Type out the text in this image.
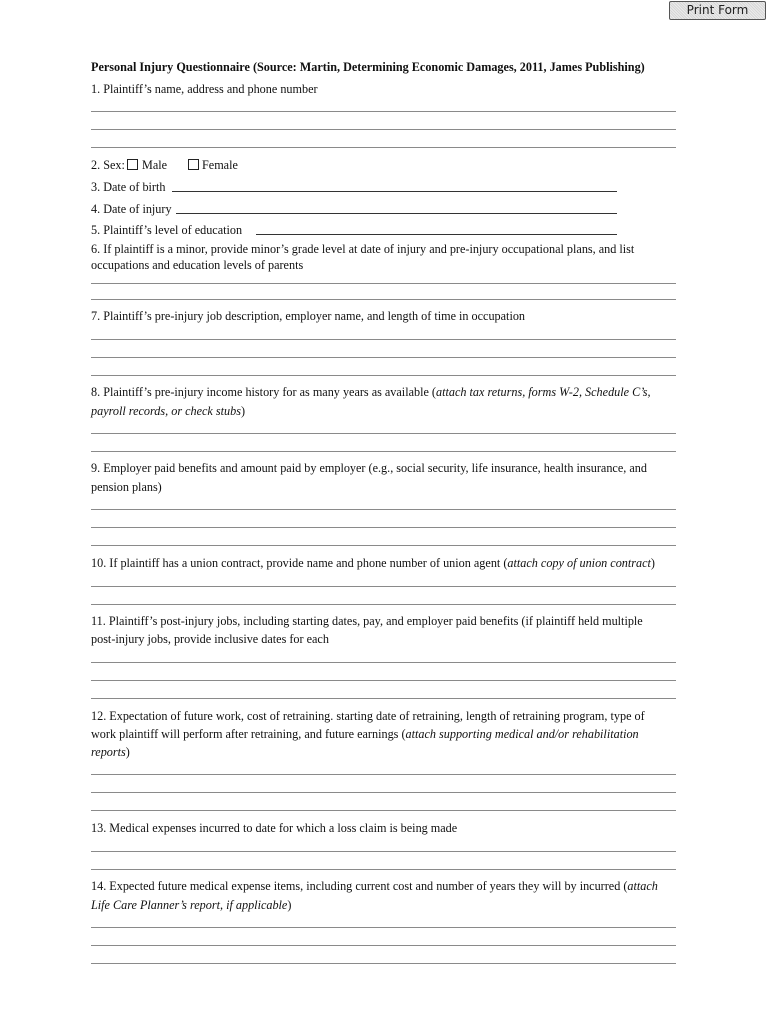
Print Form
Personal Injury Questionnaire (Source: Martin, Determining Economic Damages, 2011, James Publishing)
1. Plaintiff’s name, address and phone number
2. Sex: Male	Female
3. Date of birth
4. Date of injury
5. Plaintiff’s level of education
6. If plaintiff is a minor, provide minor’s grade level at date of injury and pre-injury occupational plans, and list
occupations and education levels of parents
7. Plaintiff’s pre-injury job description, employer name, and length of time in occupation
8. Plaintiff’s pre-injury income history for as many years as available (attach tax returns, forms W-2, Schedule C’s,
payroll records, or check stubs)
9. Employer paid benefits and amount paid by employer (e.g., social security, life insurance, health insurance, and
pension plans)
10. If plaintiff has a union contract, provide name and phone number of union agent (attach copy of union contract)
11. Plaintiff’s post-injury jobs, including starting dates, pay, and employer paid benefits (if plaintiff held multiple
post-injury jobs, provide inclusive dates for each
12. Expectation of future work, cost of retraining. starting date of retraining, length of retraining program, type of
work plaintiff will perform after retraining, and future earnings (attach supporting medical and/or rehabilitation
reports)
13. Medical expenses incurred to date for which a loss claim is being made
14. Expected future medical expense items, including current cost and number of years they will by incurred (attach
Life Care Planner’s report, if applicable)
